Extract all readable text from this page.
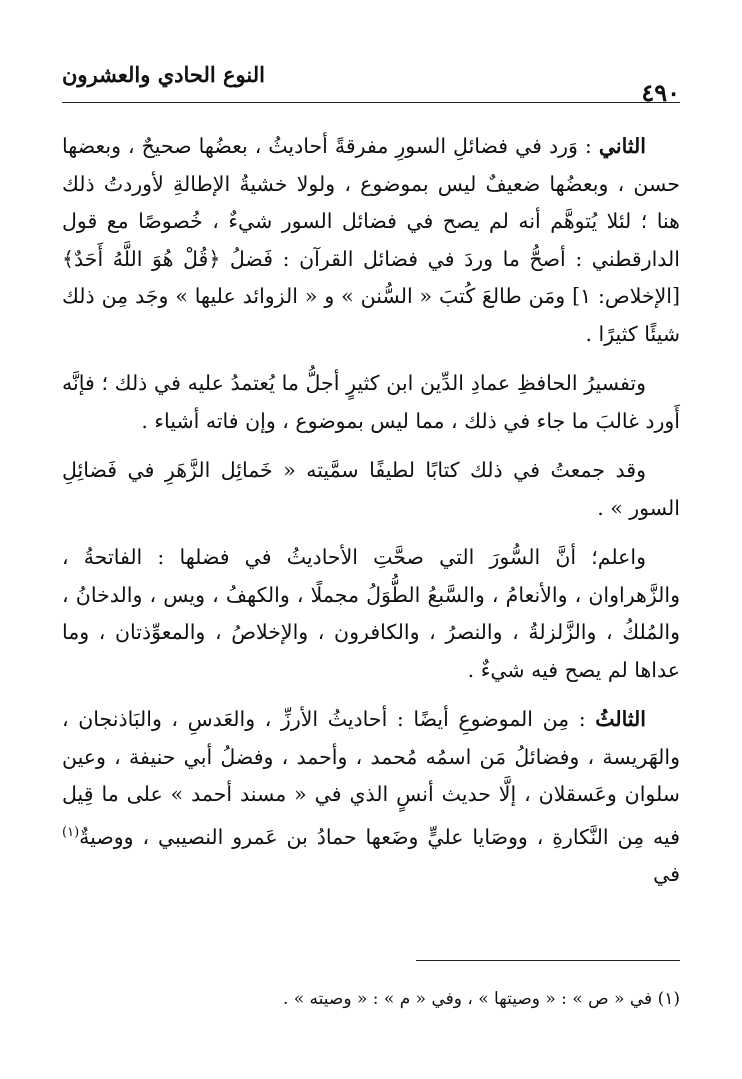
٤٩٠
النوع الحادي والعشرون

الثاني : وَرد في فضائلِ السورِ مفرقةً أحاديثُ ، بعضُها صحيحٌ ، وبعضها حسن ، وبعضُها ضعيفٌ ليس بموضوع ، ولولا خشيةُ الإطالةِ لأوردتُ ذلك هنا ؛ لئلا يُتوهَّم أنه لم يصح في فضائل السور شيءٌ ، خُصوصًا مع قول الدارقطني : أصحُّ ما وردَ في فضائل القرآن : فَضلُ ﴿قُلْ هُوَ اللَّهُ أَحَدٌ﴾ [الإخلاص: ١] ومَن طالعَ كُتبَ « السُّنن » و « الزوائد عليها » وجَد مِن ذلك شيئًا كثيرًا .

وتفسيرُ الحافظِ عمادِ الدِّين ابن كثيرٍ أجلُّ ما يُعتمدُ عليه في ذلك ؛ فإنَّه أَورد غالبَ ما جاء في ذلك ، مما ليس بموضوع ، وإن فاته أشياء .

وقد جمعتُ في ذلك كتابًا لطيفًا سمَّيته « خَمائِل الزَّهَرِ في فَضائِلِ السور » .

واعلم؛ أنَّ السُّورَ التي صحَّتِ الأحاديثُ في فضلها : الفاتحةُ ، والزَّهراوان ، والأنعامُ ، والسَّبعُ الطُّوَلُ مجملًا ، والكهفُ ، ويس ، والدخانُ ، والمُلكُ ، والزَّلزلةُ ، والنصرُ ، والكافرون ، والإخلاصُ ، والمعوِّذتان ، وما عداها لم يصح فيه شيءٌ .

الثالثُ : مِن الموضوعِ أيضًا : أحاديثُ الأرزِّ ، والعَدسِ ، والبَاذنجان ، والهَريسة ، وفضائلُ مَن اسمُه مُحمد ، وأحمد ، وفضلُ أبي حنيفة ، وعين سلوان وعَسقلان ، إلَّا حديث أنسٍ الذي في « مسند أحمد » على ما قِيل فيه مِن النَّكارةِ ، ووصَايا عليٍّ وضَعها حمادُ بن عَمرو النصيبي ، ووصيةٌ$^{(١)}$ في

(١) في « ص » : « وصيتها » ، وفي « م » : « وصيته » .
